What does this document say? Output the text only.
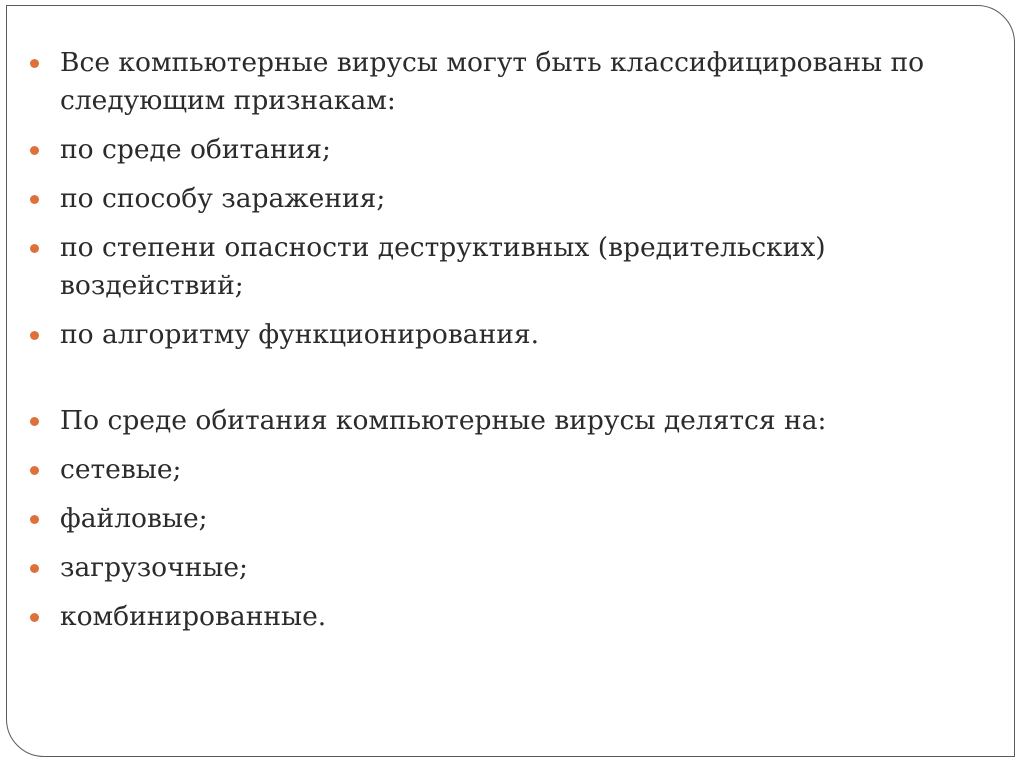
Все компьютерные вирусы могут быть классифицированы по следующим признакам:
по среде обитания;
по способу заражения;
по степени опасности деструктивных (вредительских) воздействий;
по алгоритму функционирования.
По среде обитания компьютерные вирусы делятся на:
сетевые;
файловые;
загрузочные;
комбинированные.
